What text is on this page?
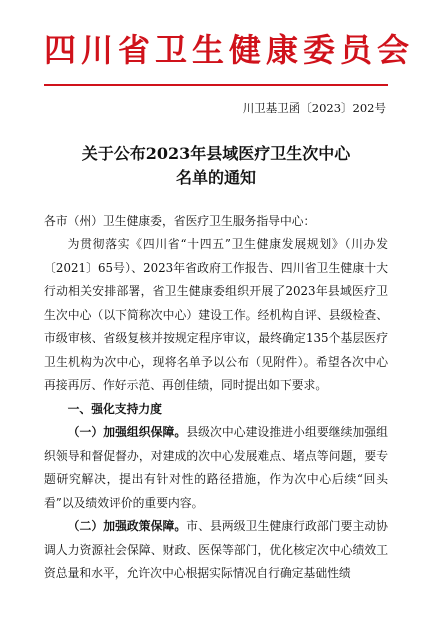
四川省卫生健康委员会
川卫基卫函〔2023〕202号
关于公布2023年县域医疗卫生次中心
名单的通知

各市（州）卫生健康委，省医疗卫生服务指导中心：

为贯彻落实《四川省“十四五”卫生健康发展规划》（川办发〔2021〕65号）、2023年省政府工作报告、四川省卫生健康十大行动相关安排部署，省卫生健康委组织开展了2023年县域医疗卫生次中心（以下简称次中心）建设工作。经机构自评、县级检查、市级审核、省级复核并按规定程序审议，最终确定135个基层医疗卫生机构为次中心，现将名单予以公布（见附件）。希望各次中心再接再厉、作好示范、再创佳绩，同时提出如下要求。

一、强化支持力度

（一）加强组织保障。县级次中心建设推进小组要继续加强组织领导和督促督办，对建成的次中心发展难点、堵点等问题，要专题研究解决，提出有针对性的路径措施，作为次中心后续“回头看”以及绩效评价的重要内容。

（二）加强政策保障。市、县两级卫生健康行政部门要主动协调人力资源社会保障、财政、医保等部门，优化核定次中心绩效工资总量和水平，允许次中心根据实际情况自行确定基础性绩
